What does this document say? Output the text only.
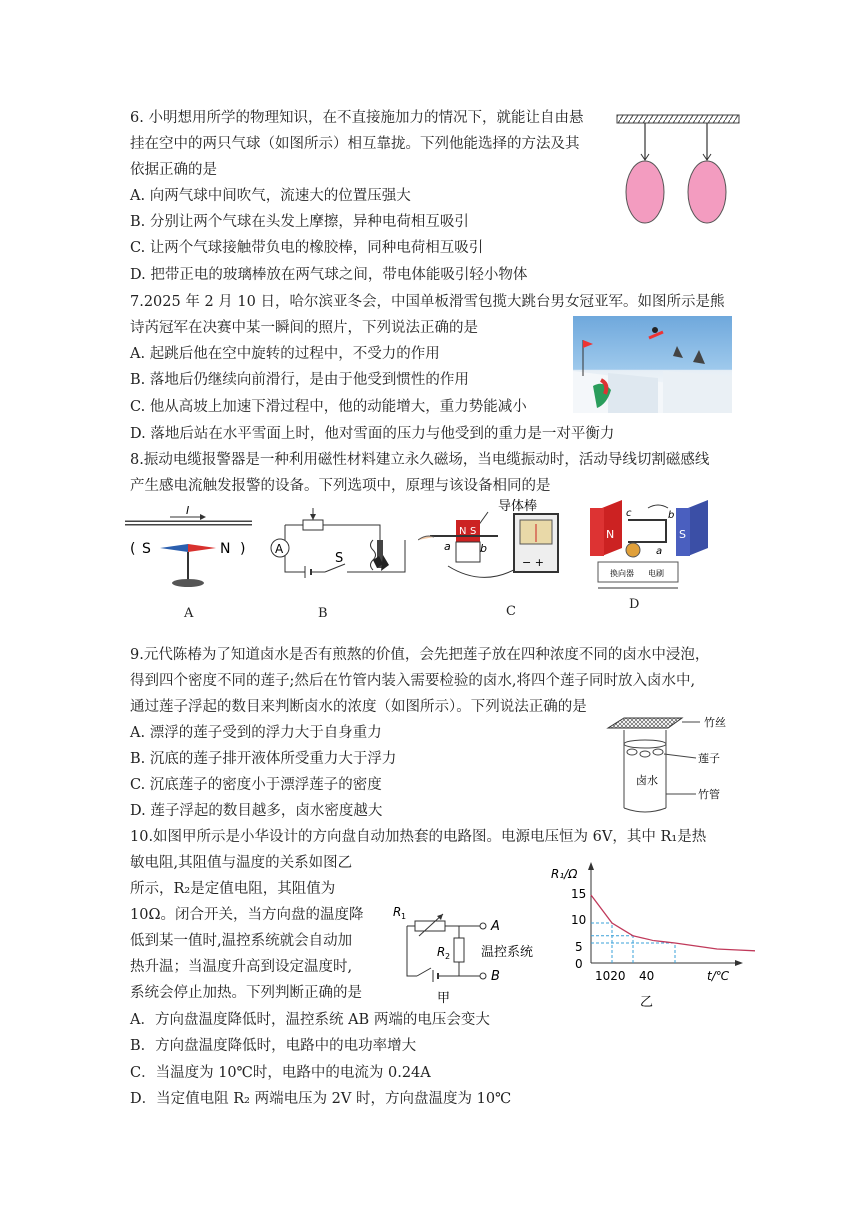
6. 小明想用所学的物理知识，在不直接施加力的情况下，就能让自由悬
挂在空中的两只气球（如图所示）相互靠拢。下列他能选择的方法及其
依据正确的是
A. 向两气球中间吹气，流速大的位置压强大
B. 分别让两个气球在头发上摩擦，异种电荷相互吸引
C. 让两个气球接触带负电的橡胶棒，同种电荷相互吸引
D. 把带正电的玻璃棒放在两气球之间，带电体能吸引轻小物体
7.2025 年 2 月 10 日，哈尔滨亚冬会，中国单板滑雪包揽大跳台男女冠亚军。如图所示是熊
诗芮冠军在决赛中某一瞬间的照片，下列说法正确的是
A. 起跳后他在空中旋转的过程中，不受力的作用
B. 落地后仍继续向前滑行，是由于他受到惯性的作用
C. 他从高坡上加速下滑过程中，他的动能增大，重力势能减小
D. 落地后站在水平雪面上时，他对雪面的压力与他受到的重力是一对平衡力
8.振动电缆报警器是一种利用磁性材料建立永久磁场，当电缆振动时，活动导线切割磁感线
产生感电流触发报警的设备。下列选项中，原理与该设备相同的是
I
(	)
S	N
A
A
S
B
导体棒
N S
a	b
− +
C
N	S
c	b
a
换向器 电刷
D
9.元代陈椿为了知道卤水是否有煎熬的价值，会先把莲子放在四种浓度不同的卤水中浸泡，
得到四个密度不同的莲子;然后在竹管内装入需要检验的卤水,将四个莲子同时放入卤水中,
通过莲子浮起的数目来判断卤水的浓度（如图所示）。下列说法正确的是
A. 漂浮的莲子受到的浮力大于自身重力
B. 沉底的莲子排开液体所受重力大于浮力
C. 沉底莲子的密度小于漂浮莲子的密度
D. 莲子浮起的数目越多，卤水密度越大
卤水
竹丝
莲子
竹管
10.如图甲所示是小华设计的方向盘自动加热套的电路图。电源电压恒为 6V，其中 R₁是热
敏电阻,其阻值与温度的关系如图乙
所示，R₂是定值电阻，其阻值为
10Ω。闭合开关，当方向盘的温度降
低到某一值时,温控系统就会自动加
热升温；当温度升高到设定温度时,
系统会停止加热。下列判断正确的是
A．方向盘温度降低时，温控系统 AB 两端的电压会变大
B．方向盘温度降低时，电路中的电功率增大
C．当温度为 10℃时，电路中的电流为 0.24A
D．当定值电阻 R₂ 两端电压为 2V 时，方向盘温度为 10℃
R 1
A
R 2 温控系统
B
甲
R₁/Ω
t/℃
15
10
5
0
1020 40
乙
